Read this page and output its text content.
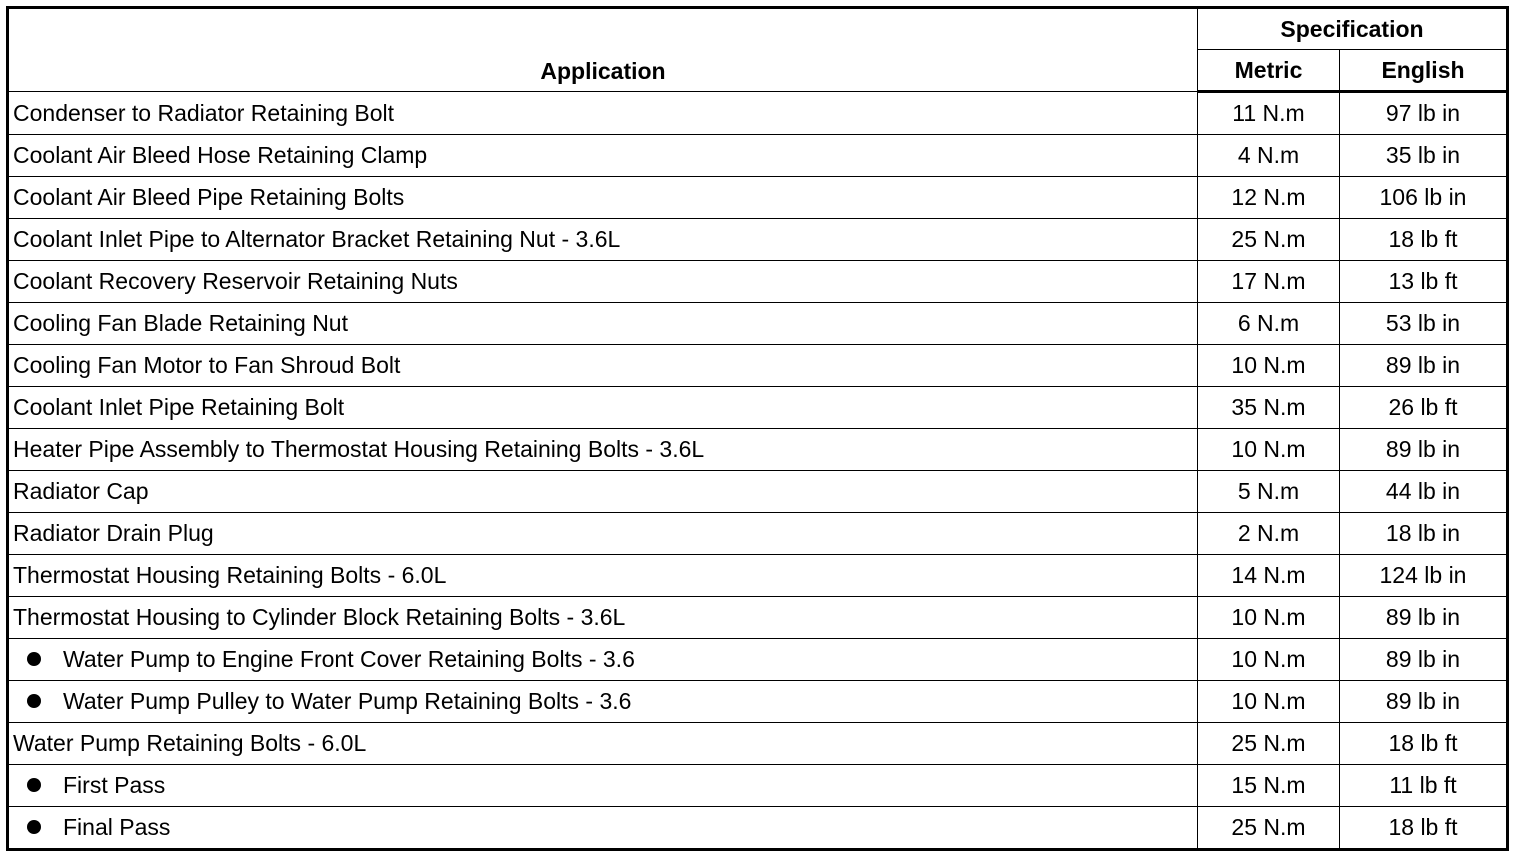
Application	Specification	
	Metric	English
Condenser to Radiator Retaining Bolt	11 N.m	97 lb in
Coolant Air Bleed Hose Retaining Clamp	4 N.m	35 lb in
Coolant Air Bleed Pipe Retaining Bolts	12 N.m	106 lb in
Coolant Inlet Pipe to Alternator Bracket Retaining Nut - 3.6L	25 N.m	18 lb ft
Coolant Recovery Reservoir Retaining Nuts	17 N.m	13 lb ft
Cooling Fan Blade Retaining Nut	6 N.m	53 lb in
Cooling Fan Motor to Fan Shroud Bolt	10 N.m	89 lb in
Coolant Inlet Pipe Retaining Bolt	35 N.m	26 lb ft
Heater Pipe Assembly to Thermostat Housing Retaining Bolts - 3.6L	10 N.m	89 lb in
Radiator Cap	5 N.m	44 lb in
Radiator Drain Plug	2 N.m	18 lb in
Thermostat Housing Retaining Bolts - 6.0L	14 N.m	124 lb in
Thermostat Housing to Cylinder Block Retaining Bolts - 3.6L	10 N.m	89 lb in
Water Pump to Engine Front Cover Retaining Bolts - 3.6	10 N.m	89 lb in
Water Pump Pulley to Water Pump Retaining Bolts - 3.6	10 N.m	89 lb in
Water Pump Retaining Bolts - 6.0L	25 N.m	18 lb ft
First Pass	15 N.m	11 lb ft
Final Pass	25 N.m	18 lb ft
